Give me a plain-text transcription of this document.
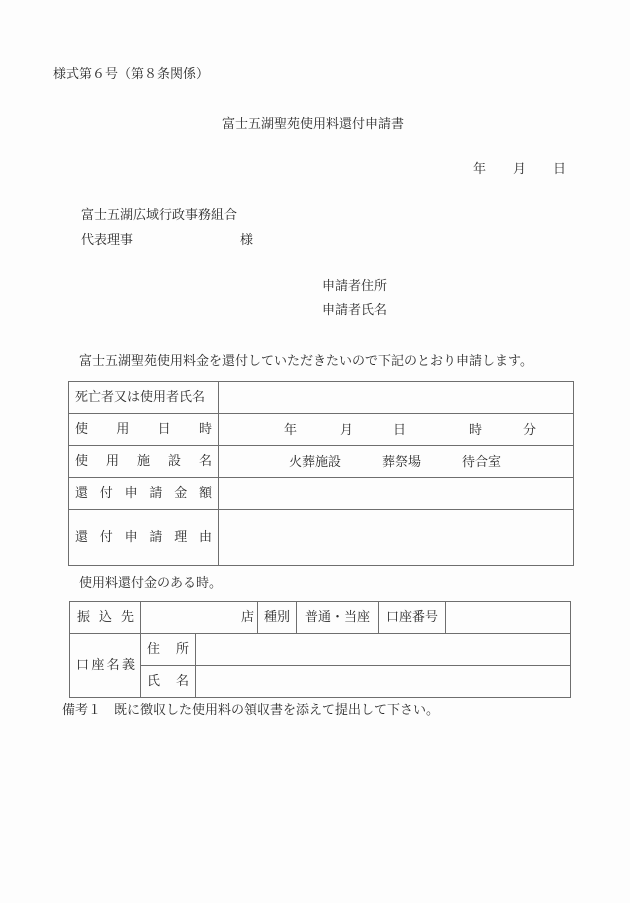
様式第６号（第８条関係）
富士五湖聖苑使用料還付申請書
年 月 日
富士五湖広域行政事務組合
代表理事	様
申請者住所
申請者氏名
富士五湖聖苑使用料金を還付していただきたいので下記のとおり申請します。
死亡者又は使用者氏名	

使 用 日 時	年 月 日 時 分

使 用 施 設 名	火葬施設 葬祭場 待合室

還 付 申 請 金 額

還 付 申 請 理 由

使用料還付金のある時。
振 込 先	店		種別	普通・当座	口座番号	

口 座 名 義	住 所					

	氏 名					

備考１　既に徴収した使用料の領収書を添えて提出して下さい。
